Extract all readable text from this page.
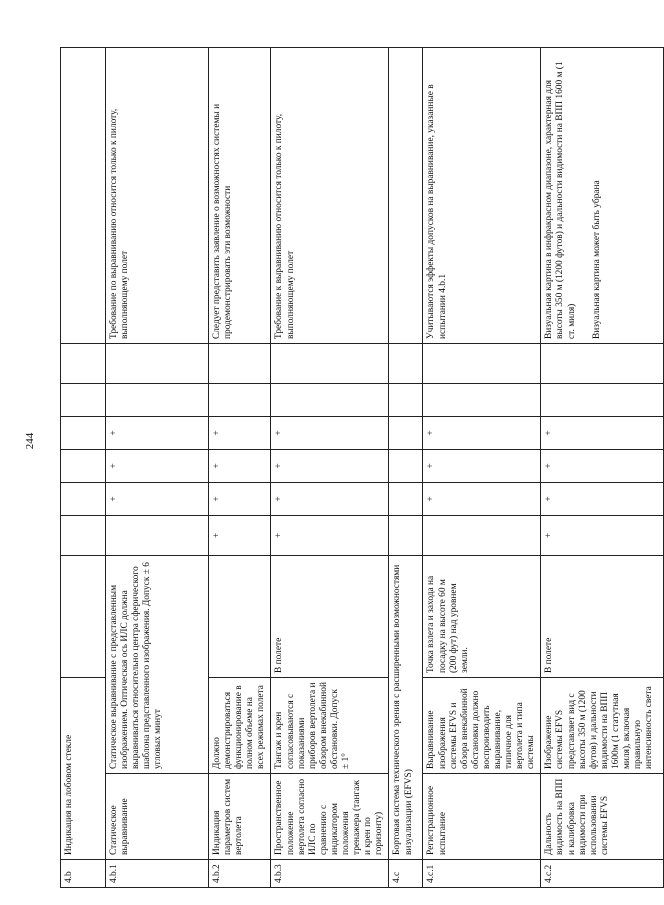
244
4.b	Индикация на лобовом стекле									
4.b.1	Статическое выравнивание	Статическое выравнивание с представленным изображением. Оптическая ось ИЛС должна выравниваться относительно центра сферического шаблона представленного изображения. Допуск ± 6 угловых минут			+	+	+			Требование по выравниванию относится только к пилоту, выполняющему полет
4.b.2	Индикация параметров систем вертолета	Должно демонстрироваться функционирование в полном объеме на всех режимах полета		+	+	+	+			Следует представить заявление о возможностях системы и продемонстрировать эти возможности
4.b.3	Пространственное положение вертолета согласно ИЛС по сравнению с индикатором положения тренажера (тангаж и крен по горизонту)	Тангаж и крен согласовываются с показаниями приборов вертолета и обзором внекабинной обстановки. Допуск ± 1°	В полете	+	+	+	+			Требование к выравниванию относится только к пилоту, выполняющему полет
4.c	Бортовая система технического зрения с расширенными возможностями визуализации (EFVS)									
4.c.1	Регистрационное испытание	Выравнивание изображения системы EFVS и обзора внекабинной обстановки должно воспроизводить выравнивание, типичное для вертолета и типа системы	Точка взлета и захода на посадку на высоте 60 м (200 фут) над уровнем земли.		+	+	+			Учитываются эффекты допусков на выравнивание, указанные в испытании 4.b.1
4.c.2	Дальность видимость на ВПП и калибровка видимости при использовании системы EFVS	Изображение системы EFVS представляет вид с высоты 350 м (1200 футов) и дальности видимости на ВПП 1600м (1 статутная миля), включая правильную интенсивность света	В полете	+	+	+	+			Визуальная картина в инфракрасном диапазоне, характерная для высоты 350 м (1200 футов) и дальности видимости на ВПП 1600 м (1 ст. миля) Визуальная картина может быть убрана
